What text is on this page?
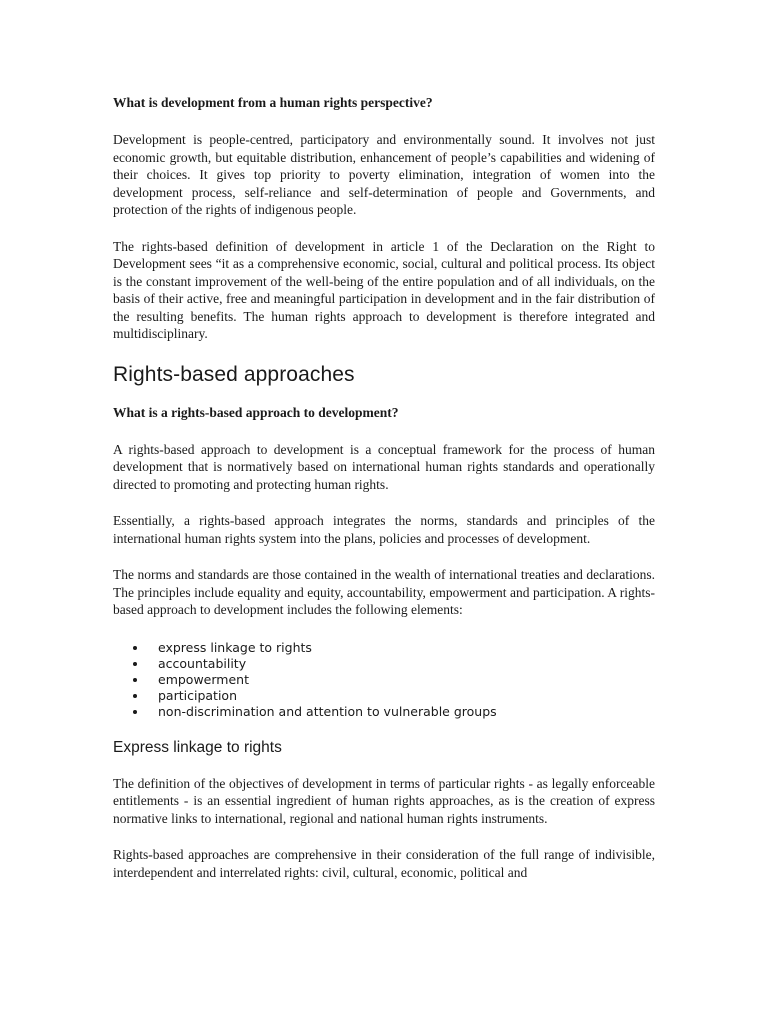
What is development from a human rights perspective?

Development is people-centred, participatory and environmentally sound. It involves not just economic growth, but equitable distribution, enhancement of people’s capabilities and widening of their choices. It gives top priority to poverty elimination, integration of women into the development process, self-reliance and self-determination of people and Governments, and protection of the rights of indigenous people.

The rights-based definition of development in article 1 of the Declaration on the Right to Development sees “it as a comprehensive economic, social, cultural and political process. Its object is the constant improvement of the well-being of the entire population and of all individuals, on the basis of their active, free and meaningful participation in development and in the fair distribution of the resulting benefits. The human rights approach to development is therefore integrated and multidisciplinary.

Rights-based approaches

What is a rights-based approach to development?

A rights-based approach to development is a conceptual framework for the process of human development that is normatively based on international human rights standards and operationally directed to promoting and protecting human rights.

Essentially, a rights-based approach integrates the norms, standards and principles of the international human rights system into the plans, policies and processes of development.

The norms and standards are those contained in the wealth of international treaties and declarations. The principles include equality and equity, accountability, empowerment and participation. A rights-based approach to development includes the following elements:

express linkage to rights
accountability
empowerment
participation
non-discrimination and attention to vulnerable groups
Express linkage to rights

The definition of the objectives of development in terms of particular rights - as legally enforceable entitlements - is an essential ingredient of human rights approaches, as is the creation of express normative links to international, regional and national human rights instruments.

Rights-based approaches are comprehensive in their consideration of the full range of indivisible, interdependent and interrelated rights: civil, cultural, economic, political and
